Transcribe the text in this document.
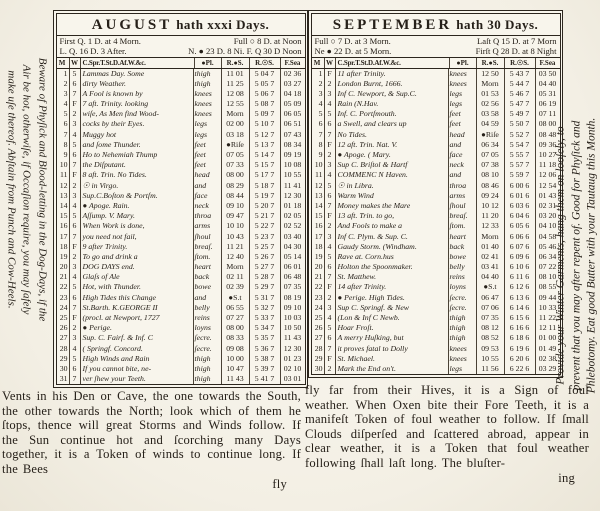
Beware of Phyſick and Blood-letting in the Dog-Days, if the
Air be hot, otherwiſe, if Occaſion require, you may ſafely
make uſe thereof. Abſtain from Punch and Cow-Heels.
AUGUST hath xxxi Days.
First Q. 1 D. at 4 Morn.	Full ○ 8 D. at Noon
L. Q. 16 D. 3 After.	N. ● 23 D. 8 Ni. F. Q 30 D Noon
M W C.Spr.T.St.D.Af.W.&c.	●Pl.	R.●S.	R.☉S.	F.Sea
1 5 Lammas Day. Some	thigh	11 01	5 04 7	02 36
2 6 dirty Weather.	thigh	11 25	5 05 7	03 27
3 7 A Fool is known by	knees	12 08	5 06 7	04 18
4 F 7 aft. Trinity. looking	knees	12 55	5 08 7	05 09
5 2 wiſe, As Men find Wood-	knees	Morn	5 09 7	06 05
6 3 cocks by their Eyes.	legs	02 00	5 10 7	06 51
7 4 Muggy hot	legs	03 18	5 12 7	07 43
8 5 and ſome Thunder.	feet	●Riſe	5 13 7	08 34
9 6 Ho to Nehemiah Thump	feet	07 05	5 14 7	09 19
10 7 the Diſputant.	feet	07 33	5 15 7	10 08
11 F 8 aft. Trin. No Tides.	head	08 00	5 17 7	10 55
12 2 ☉ in Virgo.	and	08 29	5 18 7	11 41
13 3 Sup.C.Boſton & Portſm.	face	08 44	5 19 7	12 30
14 4 ● Apoge. Rain.	neck	09 10	5 20 7	01 18
15 5 Aſſump. V. Mary.	throa	09 47	5 21 7	02 05
16 6 When Work is done,	arms	10 10	5 22 7	02 52
17 7 you need not fail,	ſhoul	10 43	5 23 7	03 40
18 F 9 after Trinity.	breaſ.	11 21	5 25 7	04 30
19 2 To go and drink a	ſtom.	12 40	5 26 7	05 14
20 3 DOG DAYS end.	heart	Morn	5 27 7	06 01
21 4 Glaſs of Ale	back	02 11	5 28 7	06 48
22 5 Hot, with Thunder.	bowe	02 39	5 29 7	07 35
23 6 High Tides this Change	and	●S.t	5 31 7	08 19
24 7 St.Barth. K.GEORGE II	belly	06 55	5 32 7	09 10
25 F (procl. at Newport, 1727	reins	07 27	5 33 7	10 03
26 2 ● Perige.	loyns	08 00	5 34 7	10 50
27 3 Sup. C. Fairf. & Inf. C	ſecre.	08 33	5 35 7	11 43
28 4 ( Springf. Concord.	ſecre.	09 08	5 36 7	12 30
29 5 High Winds and Rain	thigh	10 00	5 38 7	01 23
30 6 If you cannot bite, ne-	thigh	10 47	5 39 7	02 10
31 7 ver ſhew your Teeth.	thigh	11 43	5 41 7	03 01
SEPTEMBER hath 30 Days.
Full ○ 7 D. at 3 Morn.	Laſt Q 15 D. at 7 Morn
Ne ● 22 D. at 5 Morn.	Firſt Q 28 D. at 8 Night
M W C.Spr.T.St.D.Af.W.&c.	●Pl.	R.●S.	R.☉S.	F.Sea
1 F 11 after Trinity.	knees	12 50	5 43 7	03 50
2 2 London Burnt, 1666.	knees	Morn	5 44 7	04 40
3 3 Inf C. Newport, & Sup.C.	legs	01 53	5 46 7	05 31
4 4 Rain (N.Hav.	legs	02 56	5 47 7	06 19
5 5 Inf. C. Portſmouth.	feet	03 58	5 49 7	07 11
6 6 a Swell, and clears up	feet	04 59	5 50 7	08 00
7 7 No Tides.	head	●Riſe	5 52 7	08 48
8 F 12 aft. Trin. Nat. V.	and	06 34	5 54 7	09 36
9 2 ● Apoge. ( Mary.	face	07 05	5 55 7	10 27
10 3 Sup C. Briſtol & Hartf	neck	07 38	5 57 7	11 18
11 4 COMMENC N Haven.	and	08 10	5 59 7	12 06
12 5 ☉ in Libra.	throa	08 46	6 00 6	12 54
13 6 Warm Wind	arms	09 24	6 01 6	01 43
14 7 Money makes the Mare	ſhoul	10 12	6 03 6	02 31
15 F 13 aft. Trin. to go,	breaſ.	11 20	6 04 6	03 20
16 2 And Fools to make a	ſtom.	12 33	6 05 6	04 10
17 3 Inf C. Plym. & Sup. C.	heart	Morn	6 06 6	04 58
18 4 Gaudy Storm. (Windham.	back	01 40	6 07 6	05 46
19 5 Rave at. Corn.hus	bowe	02 41	6 09 6	06 34
20 6 Holton the Spoonmaker.	belly	03 41	6 10 6	07 22
21 7 St. Matthew.	reins	04 40	6 11 6	08 10
22 F 14 after Trinity.	loyns	●S.t	6 12 6	08 55
23 2 ● Perige. High Tides.	ſecre.	06 47	6 13 6	09 44
24 3 Sup C. Springf. & New	ſecre.	07 06	6 14 6	10 33
25 4 (Lon & Inf C Newb.	thigh	07 35	6 15 6	11 22
26 5 Hoar Froſt.	thigh	08 12	6 16 6	12 11
27 6 A merry Huſking, but	thigh	08 52	6 18 6	01 00
28 7 it proves fatal to Dolly	knees	09 53	6 19 6	01 49
29 F St. Michael.	knees	10 55	6 20 6	02 38
30 2 Mark the End on't.	legs	11 56	6 22 6	03 29
Vents in his Den or Cave, the one towards the South, the other towards the North; look which of them he ſtops, thence will great Storms and Winds follow. If the Sun continue hot and ſcorching many Days together, it is a Token of winds to continue long. If the Bees
fly
fly far from their Hives, it is a Sign of foul weather. When Oxen bite their Fore Teeth, it is a manifeſt Token of foul weather to follow. If ſmall Clouds diſperſed and ſcattered abroad, appear in clear weather, it is a Token that foul weather following ſhall laſt long. The bluſter-
ing
Provide your Winter Garments, hang them on looſely, to prevent that you may after repent of. Good for Phyſick and Phlebotomy. Eat good Butter with your Tautaug this Month.
